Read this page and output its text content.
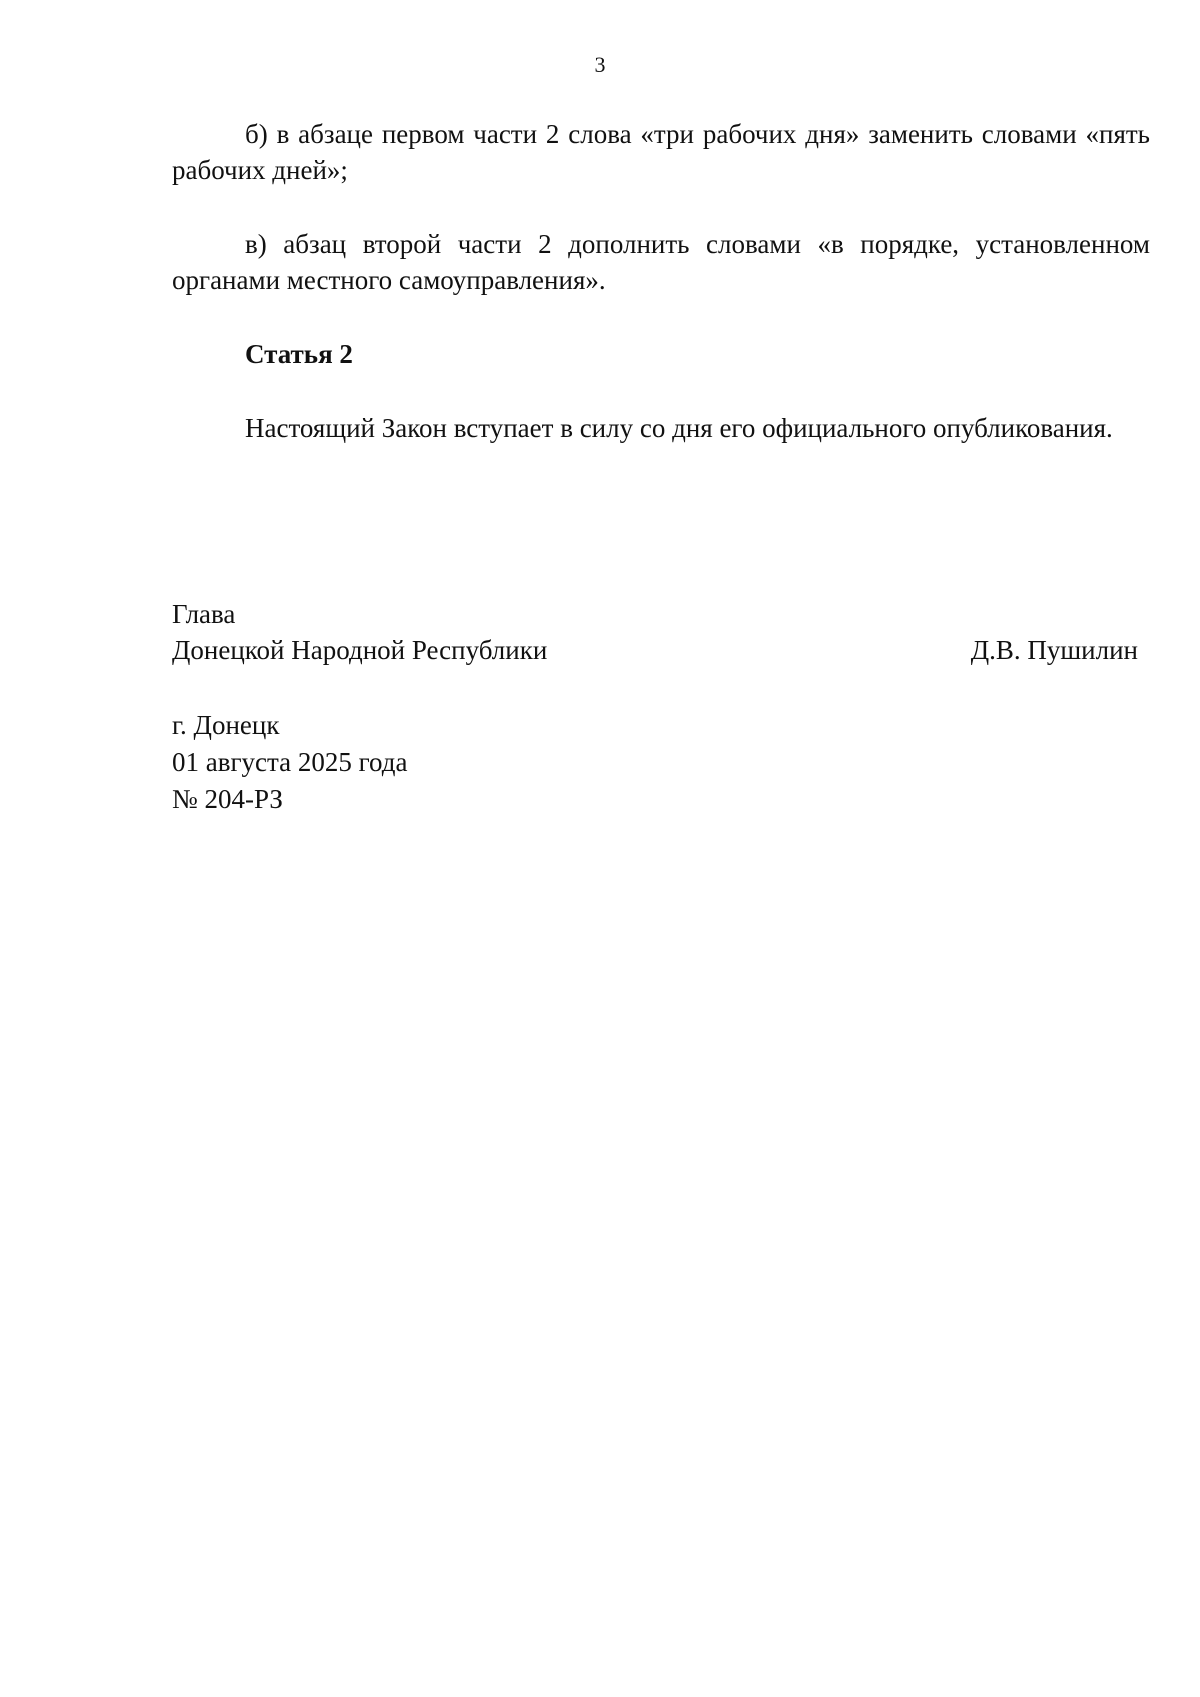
3

б) в абзаце первом части 2 слова «три рабочих дня» заменить словами «пять рабочих дней»;

в) абзац второй части 2 дополнить словами «в порядке, установленном органами местного самоуправления».

Статья 2

Настоящий Закон вступает в силу со дня его официального опубликования.

Глава
Донецкой Народной Республики	Д.В. Пушилин
г. Донецк
01 августа 2025 года
№ 204-РЗ
